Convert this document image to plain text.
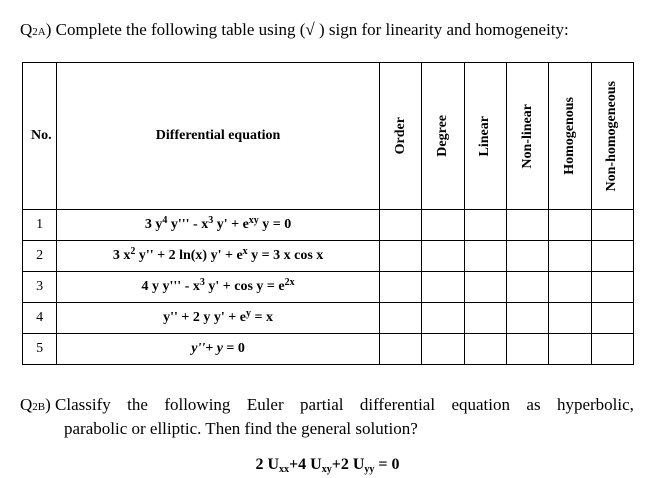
Q2A) Complete the following table using (√ ) sign for linearity and homogeneity:
No.	Differential equation	Order	Degree	Linear	Non-linear	Homogenous	Non-homogeneous

1	3 $y^4$ y''' - $x^3$ $y' + e^{xy}$ y = 0						
2	3 $x^2$ y'' + 2 ln(x) $y' + e^x$ y = 3 x cos x						
3	4 y y''' - $x^3$ $y' + \cos y = e^{2x}$						
4	y'' + 2 y $y' + e^y = x$						
5	y''+ y = 0						
Q2B) Classify the following Euler partial differential equation as hyperbolic,
parabolic or elliptic. Then find the general solution?
2 $U_{xx}+4$ $U_{xy}+2$ $U_{yy} = 0$
